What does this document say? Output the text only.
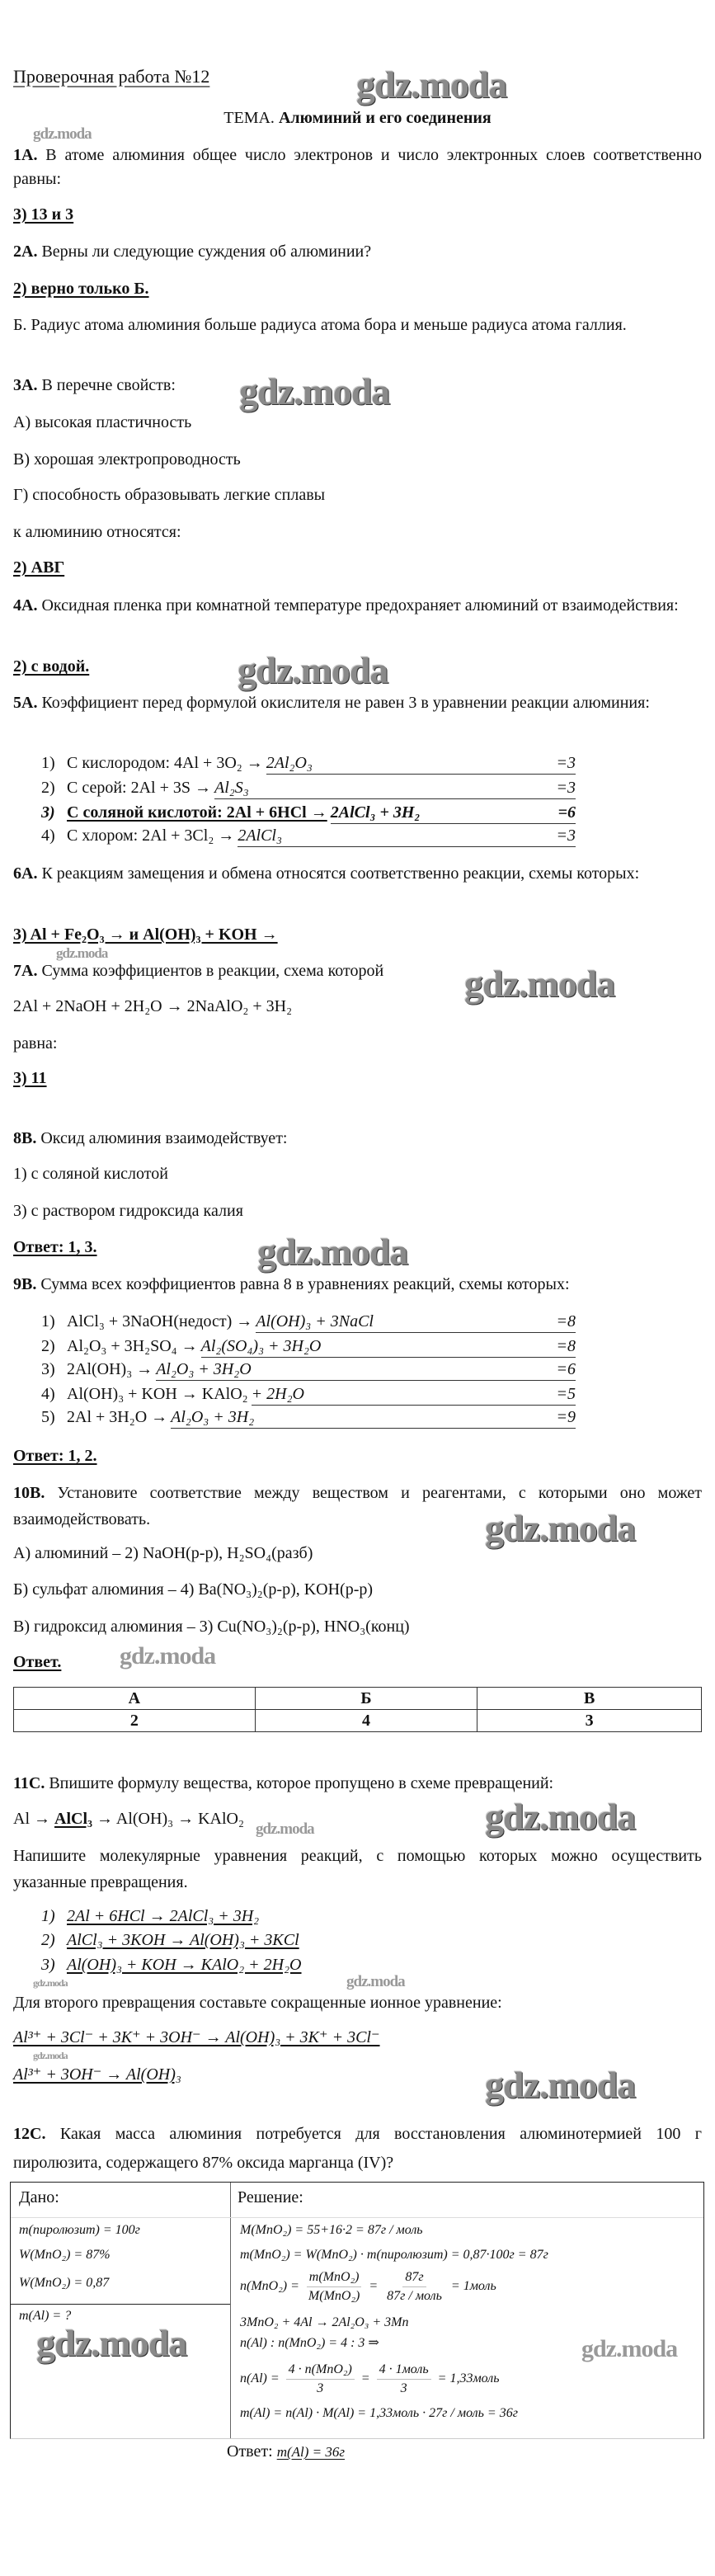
Проверочная работа №12
ТЕМА. Алюминий и его соединения
1А. В атоме алюминия общее число электронов и число электронных слоев соответственно равны:
3) 13 и 3
2А. Верны ли следующие суждения об алюминии?
2) верно только Б.
Б. Радиус атома алюминия больше радиуса атома бора и меньше радиуса атома галлия.
3А. В перечне свойств:
А) высокая пластичность
В) хорошая электропроводность
Г) способность образовывать легкие сплавы
к алюминию относятся:
2) АВГ
4А. Оксидная пленка при комнатной температуре предохраняет алюминий от взаимодействия:
2) с водой.
5А. Коэффициент перед формулой окислителя не равен 3 в уравнении реакции алюминия:
1) С кислородом: 4Al + 3O₂ → 2Al₂O₃	=3
2) С серой: 2Al + 3S → Al₂S₃	=3
3) С соляной кислотой: 2Al + 6HCl → 2AlCl₃ + 3H₂	=6
4) С хлором: 2Al + 3Cl₂ → 2AlCl₃	=3
6А. К реакциям замещения и обмена относятся соответственно реакции, схемы которых:
3) Al + Fe₂O₃ → и Al(OH)₃ + KOH →
7А. Сумма коэффициентов в реакции, схема которой
2Al + 2NaOH + 2H₂O → 2NaAlO₂ + 3H₂
равна:
3) 11
8В. Оксид алюминия взаимодействует:
1) с соляной кислотой
3) с раствором гидроксида калия
Ответ: 1, 3.
9В. Сумма всех коэффициентов равна 8 в уравнениях реакций, схемы которых:
1) AlCl₃ + 3NaOH(недост) → Al(OH)₃ + 3NaCl	=8
2) Al₂O₃ + 3H₂SO₄ → Al₂(SO₄)₃ + 3H₂O	=8
3) 2Al(OH)₃ → Al₂O₃ + 3H₂O	=6
4) Al(OH)₃ + KOH → KAlO₂ + 2H₂O	=5
5) 2Al + 3H₂O → Al₂O₃ + 3H₂	=9
Ответ: 1, 2.
10В. Установите соответствие между веществом и реагентами, с которыми оно может взаимодействовать.
А) алюминий – 2) NaOH(р-р), H₂SO₄(разб)
Б) сульфат алюминия – 4) Ba(NO₃)₂(р-р), KOH(р-р)
В) гидроксид алюминия – 3) Cu(NO₃)₂(р-р), HNO₃(конц)
Ответ.
А	Б	В
2	4	3
11С. Впишите формулу вещества, которое пропущено в схеме превращений:
Al → AlCl₃ → Al(OH)₃ → KAlO₂
Напишите молекулярные уравнения реакций, с помощью которых можно осуществить указанные превращения.
1) 2Al + 6HCl → 2AlCl₃ + 3H₂
2) AlCl₃ + 3KOH → Al(OH)₃ + 3KCl
3) Al(OH)₃ + KOH → KAlO₂ + 2H₂O
Для второго превращения составьте сокращенные ионное уравнение:
Al³⁺ + 3Cl⁻ + 3K⁺ + 3OH⁻ → Al(OH)₃ + 3K⁺ + 3Cl⁻
Al³⁺ + 3OH⁻ → Al(OH)₃
12С. Какая масса алюминия потребуется для восстановления алюминотермией 100 г пиролюзита, содержащего 87% оксида марганца (IV)?
Дано:	Решение:
m(пиролюзит) = 100г
W(MnO₂) = 87%
W(MnO₂) = 0,87
m(Al) = ?
M(MnO₂) = 55+16·2 = 87г / моль
m(MnO₂) = W(MnO₂) · m(пиролюзит) = 0,87·100г = 87г
$n(MnO_2) = \frac{\text{m(MnO₂)}}{\text{M(MnO₂)}} = \frac{87г}{\text{87г / моль}}$ = 1моль
3MnO₂ + 4Al → 2Al₂O₃ + 3Mn
n(Al) : n(MnO₂) = 4 : 3 ⇒
$n(Al) = \frac{\text{4 · n(MnO₂)}}{3} = \frac{\text{4 · 1моль}}{3}$ = 1,33моль
m(Al) = n(Al) · M(Al) = 1,33моль · 27г / моль = 36г
Ответ: m(Al) = 36г
gdz.moda
gdz.moda
gdz.moda
gdz.moda
gdz.moda
gdz.moda
gdz.moda
gdz.moda
gdz.moda
gdz.moda
gdz.moda
gdz.moda	gdz.moda
gdz.moda
gdz.moda
gdz.moda	gdz.moda
